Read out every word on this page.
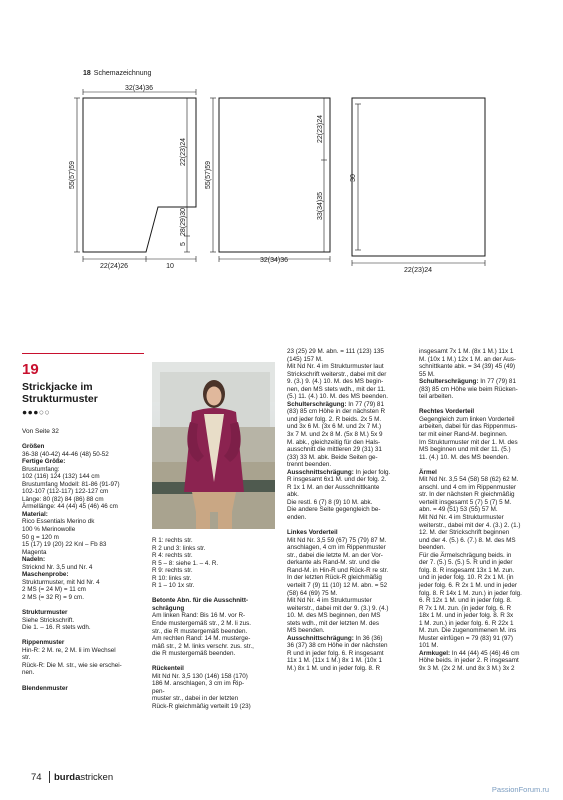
18 Schemazeichnung
32(34)36
55(57)59
22(23)24
28(29)30
5
22(24)26	10
55(57)59
22(23)24
33(34)35
32(34)36
30
22(23)24
19
Strickjacke im Strukturmuster
●●●○○
Von Seite 32

Größen

36-38 (40-42) 44-46 (48) 50-52

Fertige Größe:

Brustumfang:

102 (116) 124 (132) 144 cm

Brustumfang Modell: 81-86 (91-97)

102-107 (112-117) 122-127 cm

Länge: 80 (82) 84 (86) 88 cm

Ärmellänge: 44 (44) 45 (46) 46 cm

Material:

Rico Essentials Merino dk

100 % Merinowolle

50 g = 120 m

15 (17) 19 (20) 22 Knl – Fb 83

Magenta

Nadeln:

Stricknd Nr. 3,5 und Nr. 4

Maschenprobe:

Strukturmuster, mit Nd Nr. 4

2 MS (= 24 M) = 11 cm

2 MS (= 32 R) = 9 cm.

Strukturmuster

Siehe Strickschrift.

Die 1. – 16. R stets wdh.

Rippenmuster

Hin-R: 2 M. re, 2 M. li im Wechsel

str.

Rück-R: Die M. str., wie sie erschei-

nen.

Blendenmuster

R 1: rechts str.

R 2 und 3: links str.

R 4: rechts str.

R 5 – 8: siehe 1. – 4. R.

R 9: rechts str.

R 10: links str.

R 1 – 10 1x str.

Betonte Abn. für die Ausschnitt-

schrägung

Am linken Rand: Bis 16 M. vor R-

Ende mustergemäß str., 2 M. li zus.

str., die R mustergemäß beenden.

Am rechten Rand: 14 M. musterge-

mäß str., 2 M. links verschr. zus. str.,

die R mustergemäß beenden.

Rückenteil

Mit Nd Nr. 3,5 130 (146) 158 (170)

186 M. anschlagen, 3 cm im Rip-

pen-

muster str., dabei in der letzten

Rück-R gleichmäßig verteilt 19 (23)

23 (25) 29 M. abn. = 111 (123) 135

(145) 157 M.

Mit Nd Nr. 4 im Strukturmuster laut

Strickschrift weiterstr., dabei mit der

9. (3.) 9. (4.) 10. M. des MS begin-

nen, den MS stets wdh., mit der 11.

(5.) 11. (4.) 10. M. des MS beenden.

Schulterschrägung: In 77 (79) 81

(83) 85 cm Höhe in der nächsten R

und jeder folg. 2. R beids. 2x 5 M.

und 3x 6 M. (3x 6 M. und 2x 7 M.)

3x 7 M. und 2x 8 M. (5x 8 M.) 5x 9

M. abk., gleichzeitig für den Hals-

ausschnitt die mittleren 29 (31) 31

(33) 33 M. abk. Beide Seiten ge-

trennt beenden.

Ausschnittschrägung: In jeder folg.

R insgesamt 6x1 M. und der folg. 2.

R 1x 1 M. an der Ausschnittkante

abk.

Die restl. 6 (7) 8 (9) 10 M. abk.

Die andere Seite gegengleich be-

enden.

Linkes Vorderteil

Mit Nd Nr. 3,5 59 (67) 75 (79) 87 M.

anschlagen, 4 cm im Rippenmuster

str., dabei die letzte M. an der Vor-

derkante als Rand-M. str. und die

Rand-M. in Hin-R und Rück-R re str.

In der letzten Rück-R gleichmäßig

verteilt 7 (9) 11 (10) 12 M. abn. = 52

(58) 64 (69) 75 M.

Mit Nd Nr. 4 im Strukturmuster

weiterstr., dabei mit der 9. (3.) 9. (4.)

10. M. des MS beginnen, den MS

stets wdh., mit der letzten M. des

MS beenden.

Ausschnittschrägung: In 36 (36)

36 (37) 38 cm Höhe in der nächsten

R und in jeder folg. 6. R insgesamt

11x 1 M. (11x 1 M.) 8x 1 M. (10x 1

M.) 8x 1 M. und in jeder folg. 8. R

insgesamt 7x 1 M. (8x 1 M.) 11x 1

M. (10x 1 M.) 12x 1 M. an der Aus-

schnittkante abk. = 34 (39) 45 (49)

55 M.

Schulterschrägung: In 77 (79) 81

(83) 85 cm Höhe wie beim Rücken-

teil arbeiten.

Rechtes Vorderteil

Gegengleich zum linken Vorderteil

arbeiten, dabei für das Rippenmus-

ter mit einer Rand-M. beginnen.

Im Strukturmuster mit der 1. M. des

MS beginnen und mit der 11. (5.)

11. (4.) 10. M. des MS beenden.

Ärmel

Mit Nd Nr. 3,5 54 (58) 58 (62) 62 M.

anschl. und 4 cm im Rippenmuster

str. In der nächsten R gleichmäßig

verteilt insgesamt 5 (7) 5 (7) 5 M.

abn. = 49 (51) 53 (55) 57 M.

Mit Nd Nr. 4 im Strukturmuster

weiterstr., dabei mit der 4. (3.) 2. (1.)

12. M. der Strickschrift beginnen

und der 4. (5.) 6. (7.) 8. M. des MS

beenden.

Für die Ärmelschrägung beids. in

der 7. (5.) 5. (5.) 5. R und in jeder

folg. 8. R insgesamt 13x 1 M. zun.

und in jeder folg. 10. R 2x 1 M. (in

jeder folg. 6. R 2x 1 M. und in jeder

folg. 8. R 14x 1 M. zun.) in jeder folg.

6. R 12x 1 M. und in jeder folg. 8.

R 7x 1 M. zun. (in jeder folg. 6. R

18x 1 M. und in jeder folg. 8. R 3x

1 M. zun.) in jeder folg. 6. R 22x 1

M. zun. Die zugenommenen M. ins

Muster einfügen = 79 (83) 91 (97)

101 M.

Armkugel: In 44 (44) 45 (46) 46 cm

Höhe beids. in jeder 2. R insgesamt

9x 3 M. (2x 2 M. und 8x 3 M.) 3x 2

74 burdastricken
PassionForum.ru
